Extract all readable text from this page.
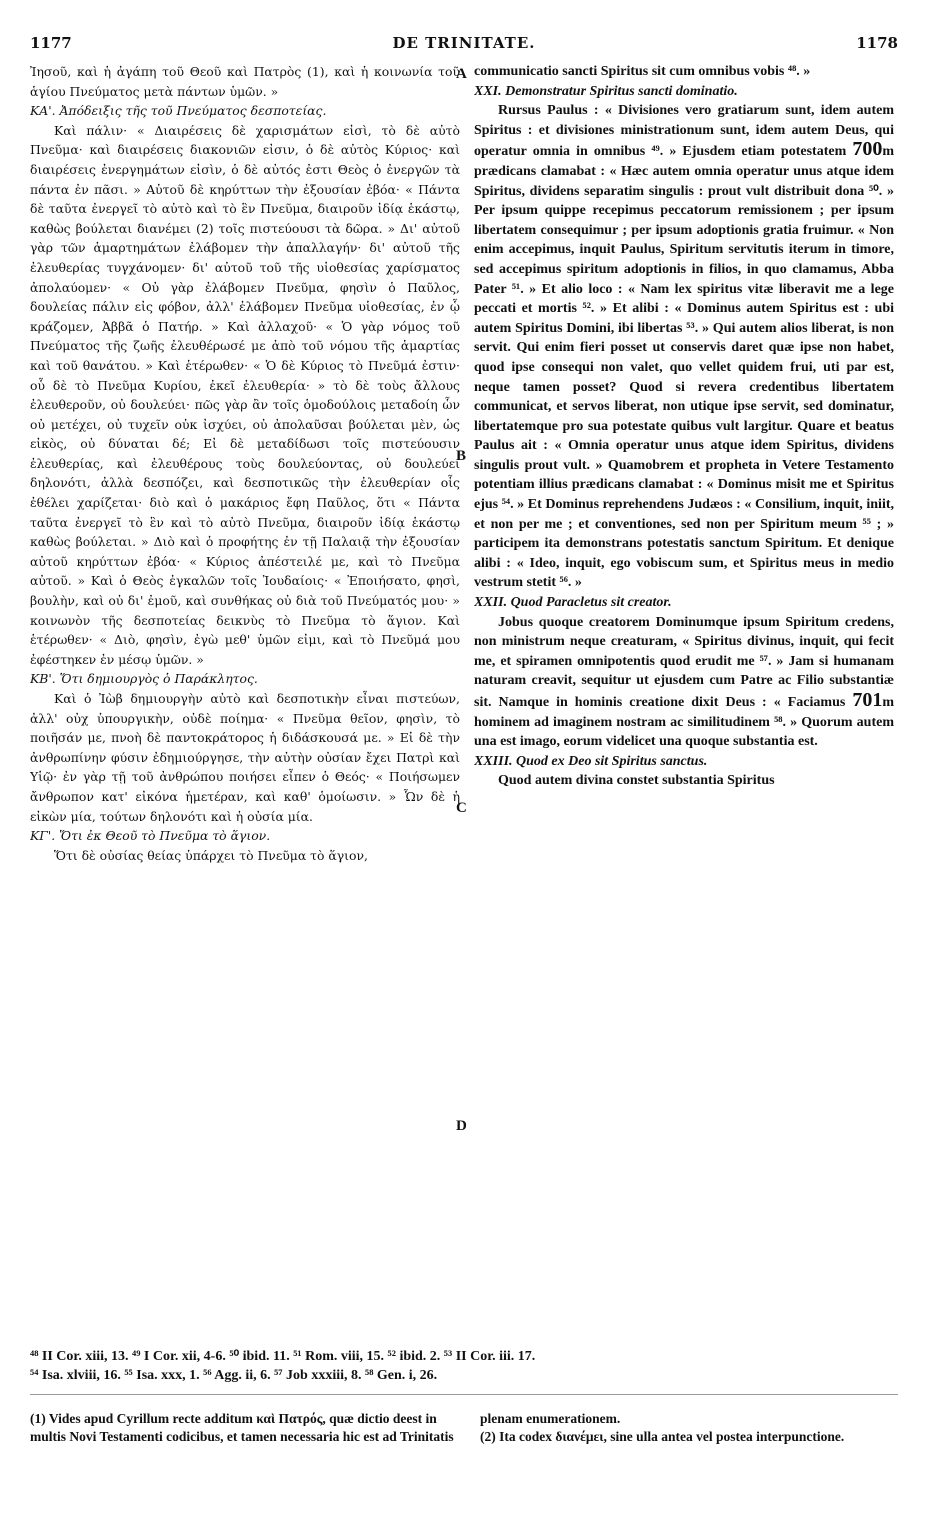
1177	DE TRINITATE.	1178

Ἰησοῦ, καὶ ἡ ἀγάπη τοῦ Θεοῦ καὶ Πατρὸς (1), καὶ ἡ κοινωνία τοῦ ἁγίου Πνεύματος μετὰ πάντων ὑμῶν. »

ΚΑ'. Ἀπόδειξις τῆς τοῦ Πνεύματος δεσποτείας.

Καὶ πάλιν· « Διαιρέσεις δὲ χαρισμάτων εἰσὶ, τὸ δὲ αὐτὸ Πνεῦμα· καὶ διαιρέσεις διακονιῶν εἰσιν, ὁ δὲ αὐτὸς Κύριος· καὶ διαιρέσεις ἐνεργημάτων εἰσὶν, ὁ δὲ αὐτός ἐστι Θεὸς ὁ ἐνεργῶν τὰ πάντα ἐν πᾶσι. » Αὐτοῦ δὲ κηρύττων τὴν ἐξουσίαν ἐβόα· « Πάντα δὲ ταῦτα ἐνεργεῖ τὸ αὐτὸ καὶ τὸ ἓν Πνεῦμα, διαιροῦν ἰδίᾳ ἑκάστῳ, καθὼς βούλεται διανέμει (2) τοῖς πιστεύουσι τὰ δῶρα. » Δι' αὐτοῦ γὰρ τῶν ἁμαρτημάτων ἐλάβομεν τὴν ἀπαλλαγήν· δι' αὐτοῦ τῆς ἐλευθερίας τυγχάνομεν· δι' αὐτοῦ τοῦ τῆς υἱοθεσίας χαρίσματος ἀπολαύομεν· « Οὐ γὰρ ἐλάβομεν Πνεῦμα, φησὶν ὁ Παῦλος, δουλείας πάλιν εἰς φόβον, ἀλλ' ἐλάβομεν Πνεῦμα υἱοθεσίας, ἐν ᾧ κράζομεν, Ἀββᾶ ὁ Πατήρ. » Καὶ ἀλλαχοῦ· « Ὁ γὰρ νόμος τοῦ Πνεύματος τῆς ζωῆς ἐλευθέρωσέ με ἀπὸ τοῦ νόμου τῆς ἁμαρτίας καὶ τοῦ θανάτου. » Καὶ ἑτέρωθεν· « Ὁ δὲ Κύριος τὸ Πνεῦμά ἐστιν· οὗ δὲ τὸ Πνεῦμα Κυρίου, ἐκεῖ ἐλευθερία· » τὸ δὲ τοὺς ἄλλους ἐλευθεροῦν, οὐ δουλεύει· πῶς γὰρ ἂν τοῖς ὁμοδούλοις μεταδοίη ὧν οὐ μετέχει, οὐ τυχεῖν οὐκ ἰσχύει, οὐ ἀπολαῦσαι βούλεται μὲν, ὡς εἰκὸς, οὐ δύναται δέ; Εἰ δὲ μεταδίδωσι τοῖς πιστεύουσιν ἐλευθερίας, καὶ ἐλευθέρους τοὺς δουλεύοντας, οὐ δουλεύει δηλονότι, ἀλλὰ δεσπόζει, καὶ δεσποτικῶς τὴν ἐλευθερίαν οἷς ἐθέλει χαρίζεται· διὸ καὶ ὁ μακάριος ἔφη Παῦλος, ὅτι « Πάντα ταῦτα ἐνεργεῖ τὸ ἓν καὶ τὸ αὐτὸ Πνεῦμα, διαιροῦν ἰδίᾳ ἑκάστῳ καθὼς βούλεται. » Διὸ καὶ ὁ προφήτης ἐν τῇ Παλαιᾷ τὴν ἐξουσίαν αὐτοῦ κηρύττων ἐβόα· « Κύριος ἀπέστειλέ με, καὶ τὸ Πνεῦμα αὐτοῦ. » Καὶ ὁ Θεὸς ἐγκαλῶν τοῖς Ἰουδαίοις· « Ἐποιήσατο, φησὶ, βουλὴν, καὶ οὐ δι' ἐμοῦ, καὶ συνθήκας οὐ διὰ τοῦ Πνεύματός μου· » κοινωνὸν τῆς δεσποτείας δεικνὺς τὸ Πνεῦμα τὸ ἅγιον. Καὶ ἑτέρωθεν· « Διὸ, φησὶν, ἐγὼ μεθ' ὑμῶν εἰμι, καὶ τὸ Πνεῦμά μου ἐφέστηκεν ἐν μέσῳ ὑμῶν. »

ΚΒ'. Ὅτι δημιουργὸς ὁ Παράκλητος.

Καὶ ὁ Ἰὼβ δημιουργὴν αὐτὸ καὶ δεσποτικὴν εἶναι πιστεύων, ἀλλ' οὐχ ὑπουργικὴν, οὐδὲ ποίημα· « Πνεῦμα θεῖον, φησὶν, τὸ ποιῆσάν με, πνοὴ δὲ παντοκράτορος ἡ διδάσκουσά με. » Εἰ δὲ τὴν ἀνθρωπίνην φύσιν ἐδημιούργησε, τὴν αὐτὴν οὐσίαν ἔχει Πατρὶ καὶ Υἱῷ· ἐν γὰρ τῇ τοῦ ἀνθρώπου ποιήσει εἶπεν ὁ Θεός· « Ποιήσωμεν ἄνθρωπον κατ' εἰκόνα ἡμετέραν, καὶ καθ' ὁμοίωσιν. » Ὧν δὲ ἡ εἰκὼν μία, τούτων δηλονότι καὶ ἡ οὐσία μία.

ΚΓ'. Ὅτι ἐκ Θεοῦ τὸ Πνεῦμα τὸ ἅγιον.

Ὅτι δὲ οὐσίας θείας ὑπάρχει τὸ Πνεῦμα τὸ ἅγιον,

communicatio sancti Spiritus sit cum omnibus vobis ⁴⁸. »

XXI. Demonstratur Spiritus sancti dominatio.

Rursus Paulus : « Divisiones vero gratiarum sunt, idem autem Spiritus : et divisiones ministrationum sunt, idem autem Deus, qui operatur omnia in omnibus ⁴⁹. » Ejusdem etiam potestatem 700m prædicans clamabat : « Hæc autem omnia operatur unus atque idem Spiritus, dividens separatim singulis : prout vult distribuit dona ⁵⁰. » Per ipsum quippe recepimus peccatorum remissionem ; per ipsum libertatem consequimur ; per ipsum adoptionis gratia fruimur. « Non enim accepimus, inquit Paulus, Spiritum servitutis iterum in timore, sed accepimus spiritum adoptionis in filios, in quo clamamus, Abba Pater ⁵¹. » Et alio loco : « Nam lex spiritus vitæ liberavit me a lege peccati et mortis ⁵². » Et alibi : « Dominus autem Spiritus est : ubi autem Spiritus Domini, ibi libertas ⁵³. » Qui autem alios liberat, is non servit. Qui enim fieri posset ut conservis daret quæ ipse non habet, quod ipse consequi non valet, quo vellet quidem frui, uti par est, neque tamen posset? Quod si revera credentibus libertatem communicat, et servos liberat, non utique ipse servit, sed dominatur, libertatemque pro sua potestate quibus vult largitur. Quare et beatus Paulus ait : « Omnia operatur unus atque idem Spiritus, dividens singulis prout vult. » Quamobrem et propheta in Vetere Testamento potentiam illius prædicans clamabat : « Dominus misit me et Spiritus ejus ⁵⁴. » Et Dominus reprehendens Judæos : « Consilium, inquit, iniit, et non per me ; et conventiones, sed non per Spiritum meum ⁵⁵ ; » participem ita demonstrans potestatis sanctum Spiritum. Et denique alibi : « Ideo, inquit, ego vobiscum sum, et Spiritus meus in medio vestrum stetit ⁵⁶. »

XXII. Quod Paracletus sit creator.

Jobus quoque creatorem Dominumque ipsum Spiritum credens, non ministrum neque creaturam, « Spiritus divinus, inquit, qui fecit me, et spiramen omnipotentis quod erudit me ⁵⁷. » Jam si humanam naturam creavit, sequitur ut ejusdem cum Patre ac Filio substantiæ sit. Namque in hominis creatione dixit Deus : « Faciamus 701m hominem ad imaginem nostram ac similitudinem ⁵⁸. » Quorum autem una est imago, eorum videlicet una quoque substantia est.

XXIII. Quod ex Deo sit Spiritus sanctus.

Quod autem divina constet substantia Spiritus

A
B
C
D
⁴⁸ II Cor. xiii, 13. ⁴⁹ I Cor. xii, 4-6. ⁵⁰ ibid. 11. ⁵¹ Rom. viii, 15. ⁵² ibid. 2. ⁵³ II Cor. iii. 17.
⁵⁴ Isa. xlviii, 16. ⁵⁵ Isa. xxx, 1. ⁵⁶ Agg. ii, 6. ⁵⁷ Job xxxiii, 8. ⁵⁸ Gen. i, 26.
(1) Vides apud Cyrillum recte additum καὶ Πατρός, quæ dictio deest in multis Novi Testamenti codicibus, et tamen necessaria hic est ad Trinitatis
plenam enumerationem.
(2) Ita codex διανέμει, sine ulla antea vel postea interpunctione.
